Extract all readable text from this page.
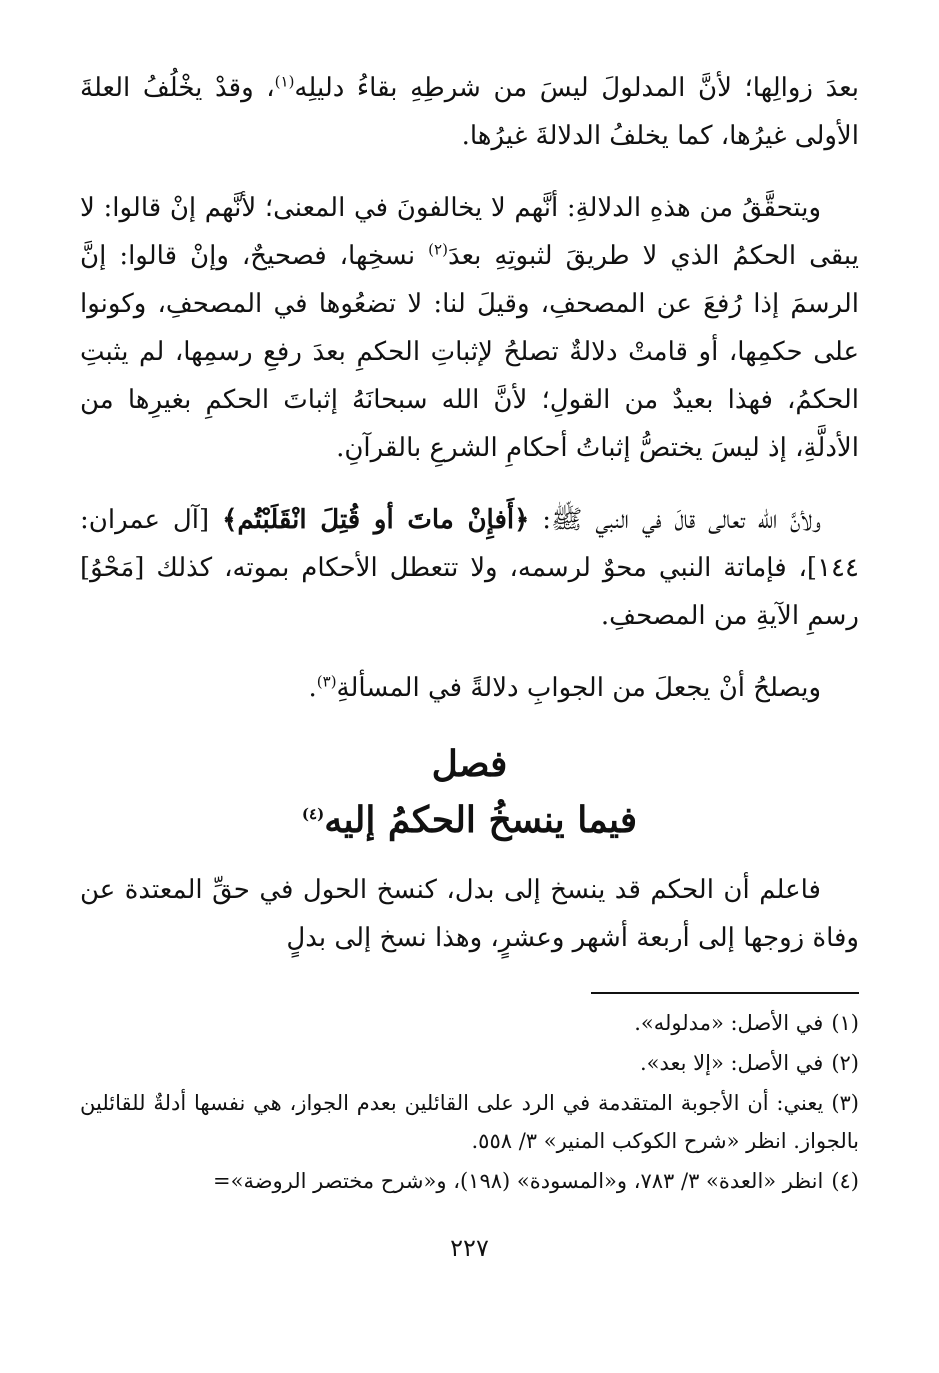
بعدَ زوالِها؛ لأنَّ المدلولَ ليسَ من شرطِهِ بقاءُ دليلِه$^{(١)}$، وقدْ يخْلُفُ العلةَ الأولى غيرُها، كما يخلفُ الدلالةَ غيرُها.

ويتحقَّقُ من هذهِ الدلالةِ: أنَّهم لا يخالفونَ في المعنى؛ لأنَّهم إنْ قالوا: لا يبقى الحكمُ الذي لا طريقَ لثبوتِهِ بعدَ$^{(٢)}$ نسخِها، فصحيحٌ، وإنْ قالوا: إنَّ الرسمَ إذا رُفعَ عن المصحفِ، وقيلَ لنا: لا تضعُوها في المصحفِ، وكونوا على حكمِها، أو قامتْ دلالةٌ تصلحُ لإثباتِ الحكمِ بعدَ رفعِ رسمِها، لم يثبتِ الحكمُ، فهذا بعيدٌ من القولِ؛ لأنَّ الله سبحانَهُ إثباتَ الحكمِ بغيرِها من الأدلَّةِ، إذ ليسَ يختصُّ إثباتُ أحكامِ الشرعِ بالقرآنِ.

ولأنَّ الله تعالى قالَ في النبي ﷺ: ﴿أَفإِنْ ماتَ أو قُتِلَ انْقَلَبْتُم﴾ [آل عمران: ١٤٤]، فإماتة النبي محوٌ لرسمه، ولا تتعطل الأحكام بموته، كذلك [مَحْوُ] رسمِ الآيةِ من المصحفِ.

ويصلحُ أنْ يجعلَ من الجوابِ دلالةً في المسألةِ$^{(٣)}$.

فصل
فيما ينسخُ الحكمُ إليه$^{(٤)}$

فاعلم أن الحكم قد ينسخ إلى بدل، كنسخ الحول في حقِّ المعتدة عن وفاة زوجها إلى أربعة أشهر وعشرٍ، وهذا نسخ إلى بدلٍ

(١)في الأصل: «مدلوله».

(٢)في الأصل: «إلا بعد».

(٣)يعني: أن الأجوبة المتقدمة في الرد على القائلين بعدم الجواز، هي نفسها أدلةٌ للقائلين بالجواز. انظر «شرح الكوكب المنير» ٣/ ٥٥٨.

(٤)انظر «العدة» ٣/ ٧٨٣، و«المسودة» (١٩٨)، و«شرح مختصر الروضة»=

٢٢٧
